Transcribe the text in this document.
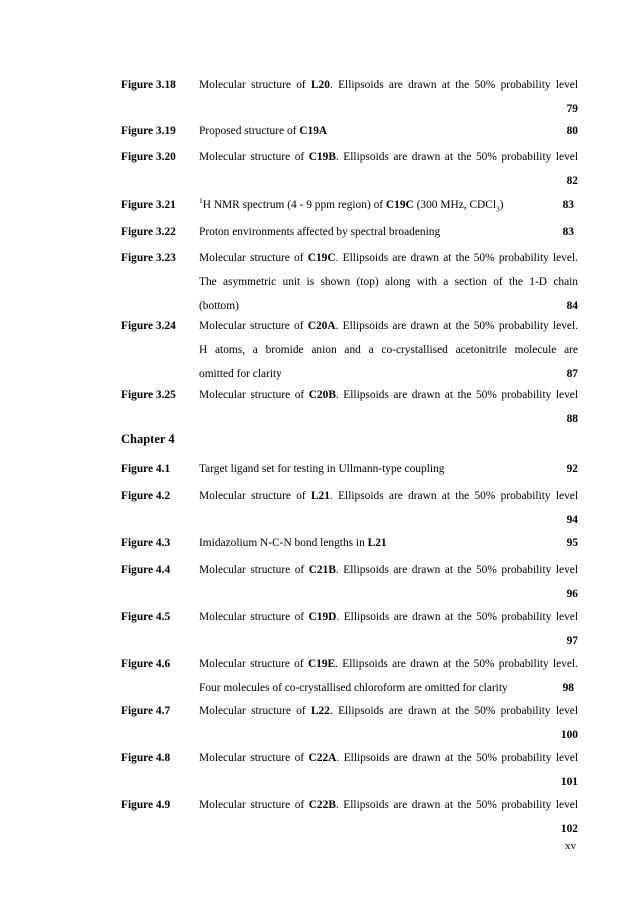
Figure 3.18 Molecular structure of L20. Ellipsoids are drawn at the 50% probability level
79
Figure 3.19 Proposed structure of C19A	80
Figure 3.20 Molecular structure of C19B. Ellipsoids are drawn at the 50% probability level
82
Figure 3.21	$^1$H NMR spectrum (4 - 9 ppm region) of C19C (300 MHz, CDCl$_3$)	83
Figure 3.22 Proton environments affected by spectral broadening	83
Figure 3.23 Molecular structure of C19C. Ellipsoids are drawn at the 50% probability level.
The asymmetric unit is shown (top) along with a section of the 1-D chain
(bottom)	84
Figure 3.24 Molecular structure of C20A. Ellipsoids are drawn at the 50% probability level.
H atoms, a bromide anion and a co-crystallised acetonitrile molecule are
omitted for clarity	87
Figure 3.25 Molecular structure of C20B. Ellipsoids are drawn at the 50% probability level
88
Chapter 4
Figure 4.1	Target ligand set for testing in Ullmann-type coupling	92
Figure 4.2	Molecular structure of L21. Ellipsoids are drawn at the 50% probability level
94
Figure 4.3	Imidazolium N-C-N bond lengths in L21	95
Figure 4.4	Molecular structure of C21B. Ellipsoids are drawn at the 50% probability level
96
Figure 4.5	Molecular structure of C19D. Ellipsoids are drawn at the 50% probability level
97
Figure 4.6	Molecular structure of C19E. Ellipsoids are drawn at the 50% probability level.
Four molecules of co-crystallised chloroform are omitted for clarity	98
Figure 4.7	Molecular structure of L22. Ellipsoids are drawn at the 50% probability level
100
Figure 4.8	Molecular structure of C22A. Ellipsoids are drawn at the 50% probability level
101
Figure 4.9	Molecular structure of C22B. Ellipsoids are drawn at the 50% probability level
102
xv
